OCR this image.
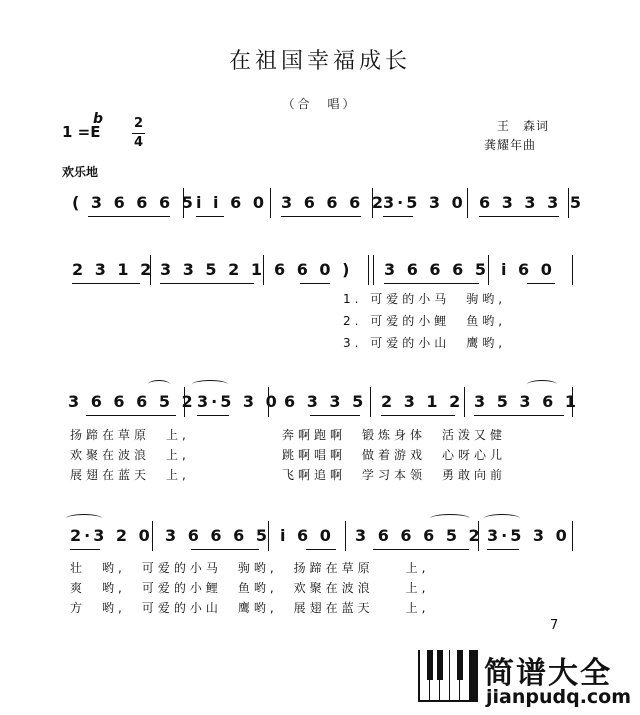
在祖国幸福成长
（合　唱）
王　森词
龚耀年曲
1 =E
b 2
4
欢乐地
( 3 6 6 6 5 i i 6 0 3 6 6 6 2
3·5 3 0 6 3 3 3 5
2 3 1 2 3 3 5 2 1 6 6 0 ) 3 6 6 6 5 i 6 0
1. 可爱的小马　驹哟,
2. 可爱的小鲤　鱼哟,
3. 可爱的小山　鹰哟,
3 6 6 6 5 2 3·5 3 0 6 3 3 5 2 3 1 2 3 5 3 6 1
扬蹄在草原　上,	奔啊跑啊　锻炼身体　活泼又健
欢聚在波浪　上,	跳啊唱啊　做着游戏　心呀心儿
展翅在蓝天　上,	飞啊追啊　学习本领　勇敢向前
2·3 2 0 3 6 6 6 5 i 6 0 3 6 6 6 5 2 3·5 3 0
壮　哟,　可爱的小马　驹哟,　扬蹄在草原　　上,
爽　哟,　可爱的小鲤　鱼哟,　欢聚在波浪　　上,
方　哟,　可爱的小山　鹰哟,　展翅在蓝天　　上,
7
简谱大全
jianpudq.com
